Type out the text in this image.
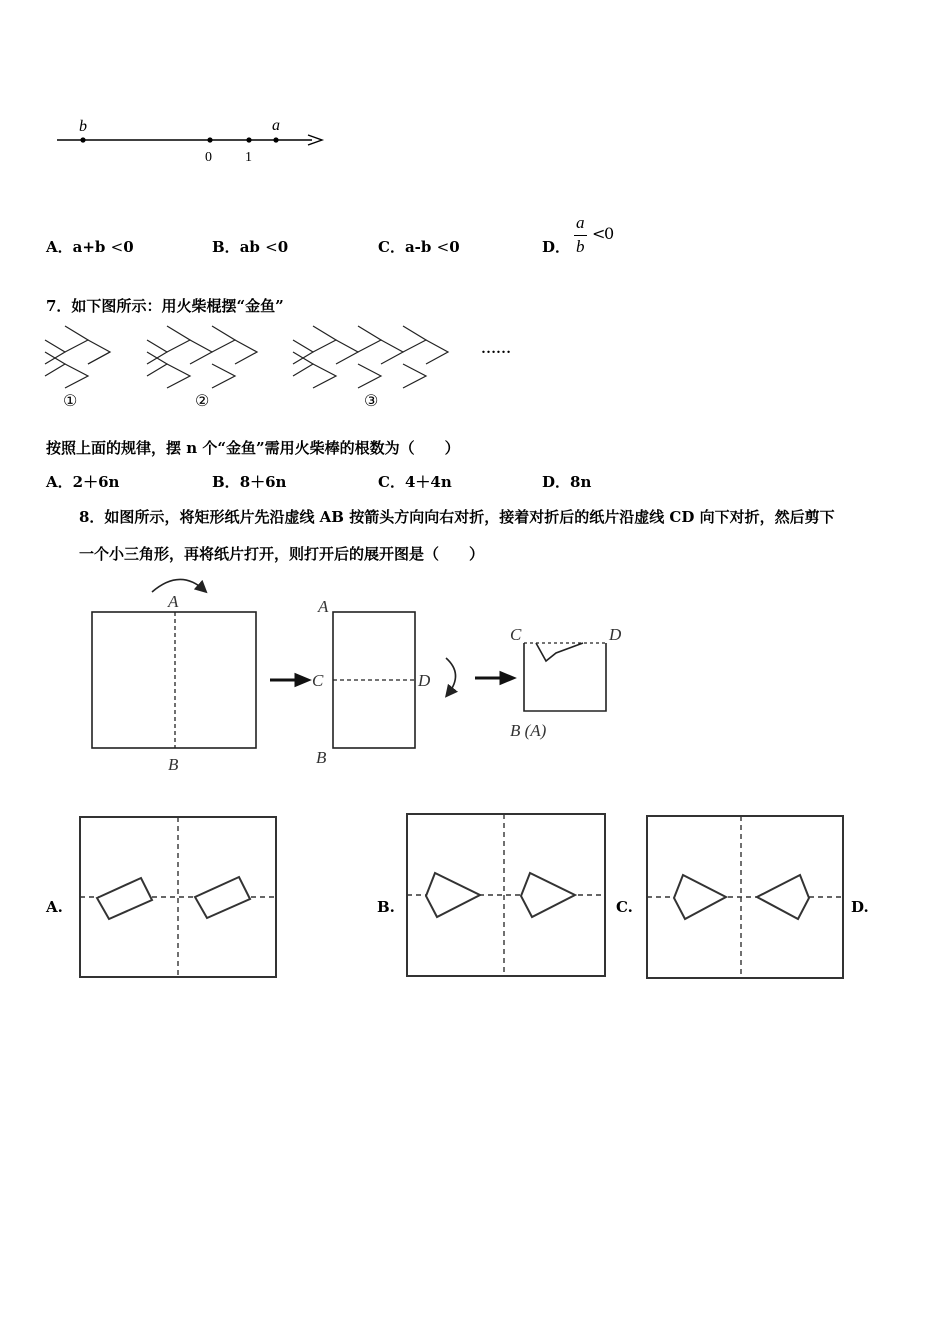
b	a
0 1
A．a+b <0	B．ab <0	C．a-b <0	D．
a
b
<
0
7．如下图所示：用火柴棍摆“金鱼”
……
①	②	③
按照上面的规律，摆 n 个“金鱼”需用火柴棒的根数为（　　）
A．2＋6n	B．8＋6n	C．4＋4n	D．8n
8．如图所示，将矩形纸片先沿虚线 AB 按箭头方向向右对折，接着对折后的纸片沿虚线 CD 向下对折，然后剪下
一个小三角形，再将纸片打开，则打开后的展开图是（　　）
A
B
A
C	D
B
C	D
B (A)
A.	B.	C.	D.
